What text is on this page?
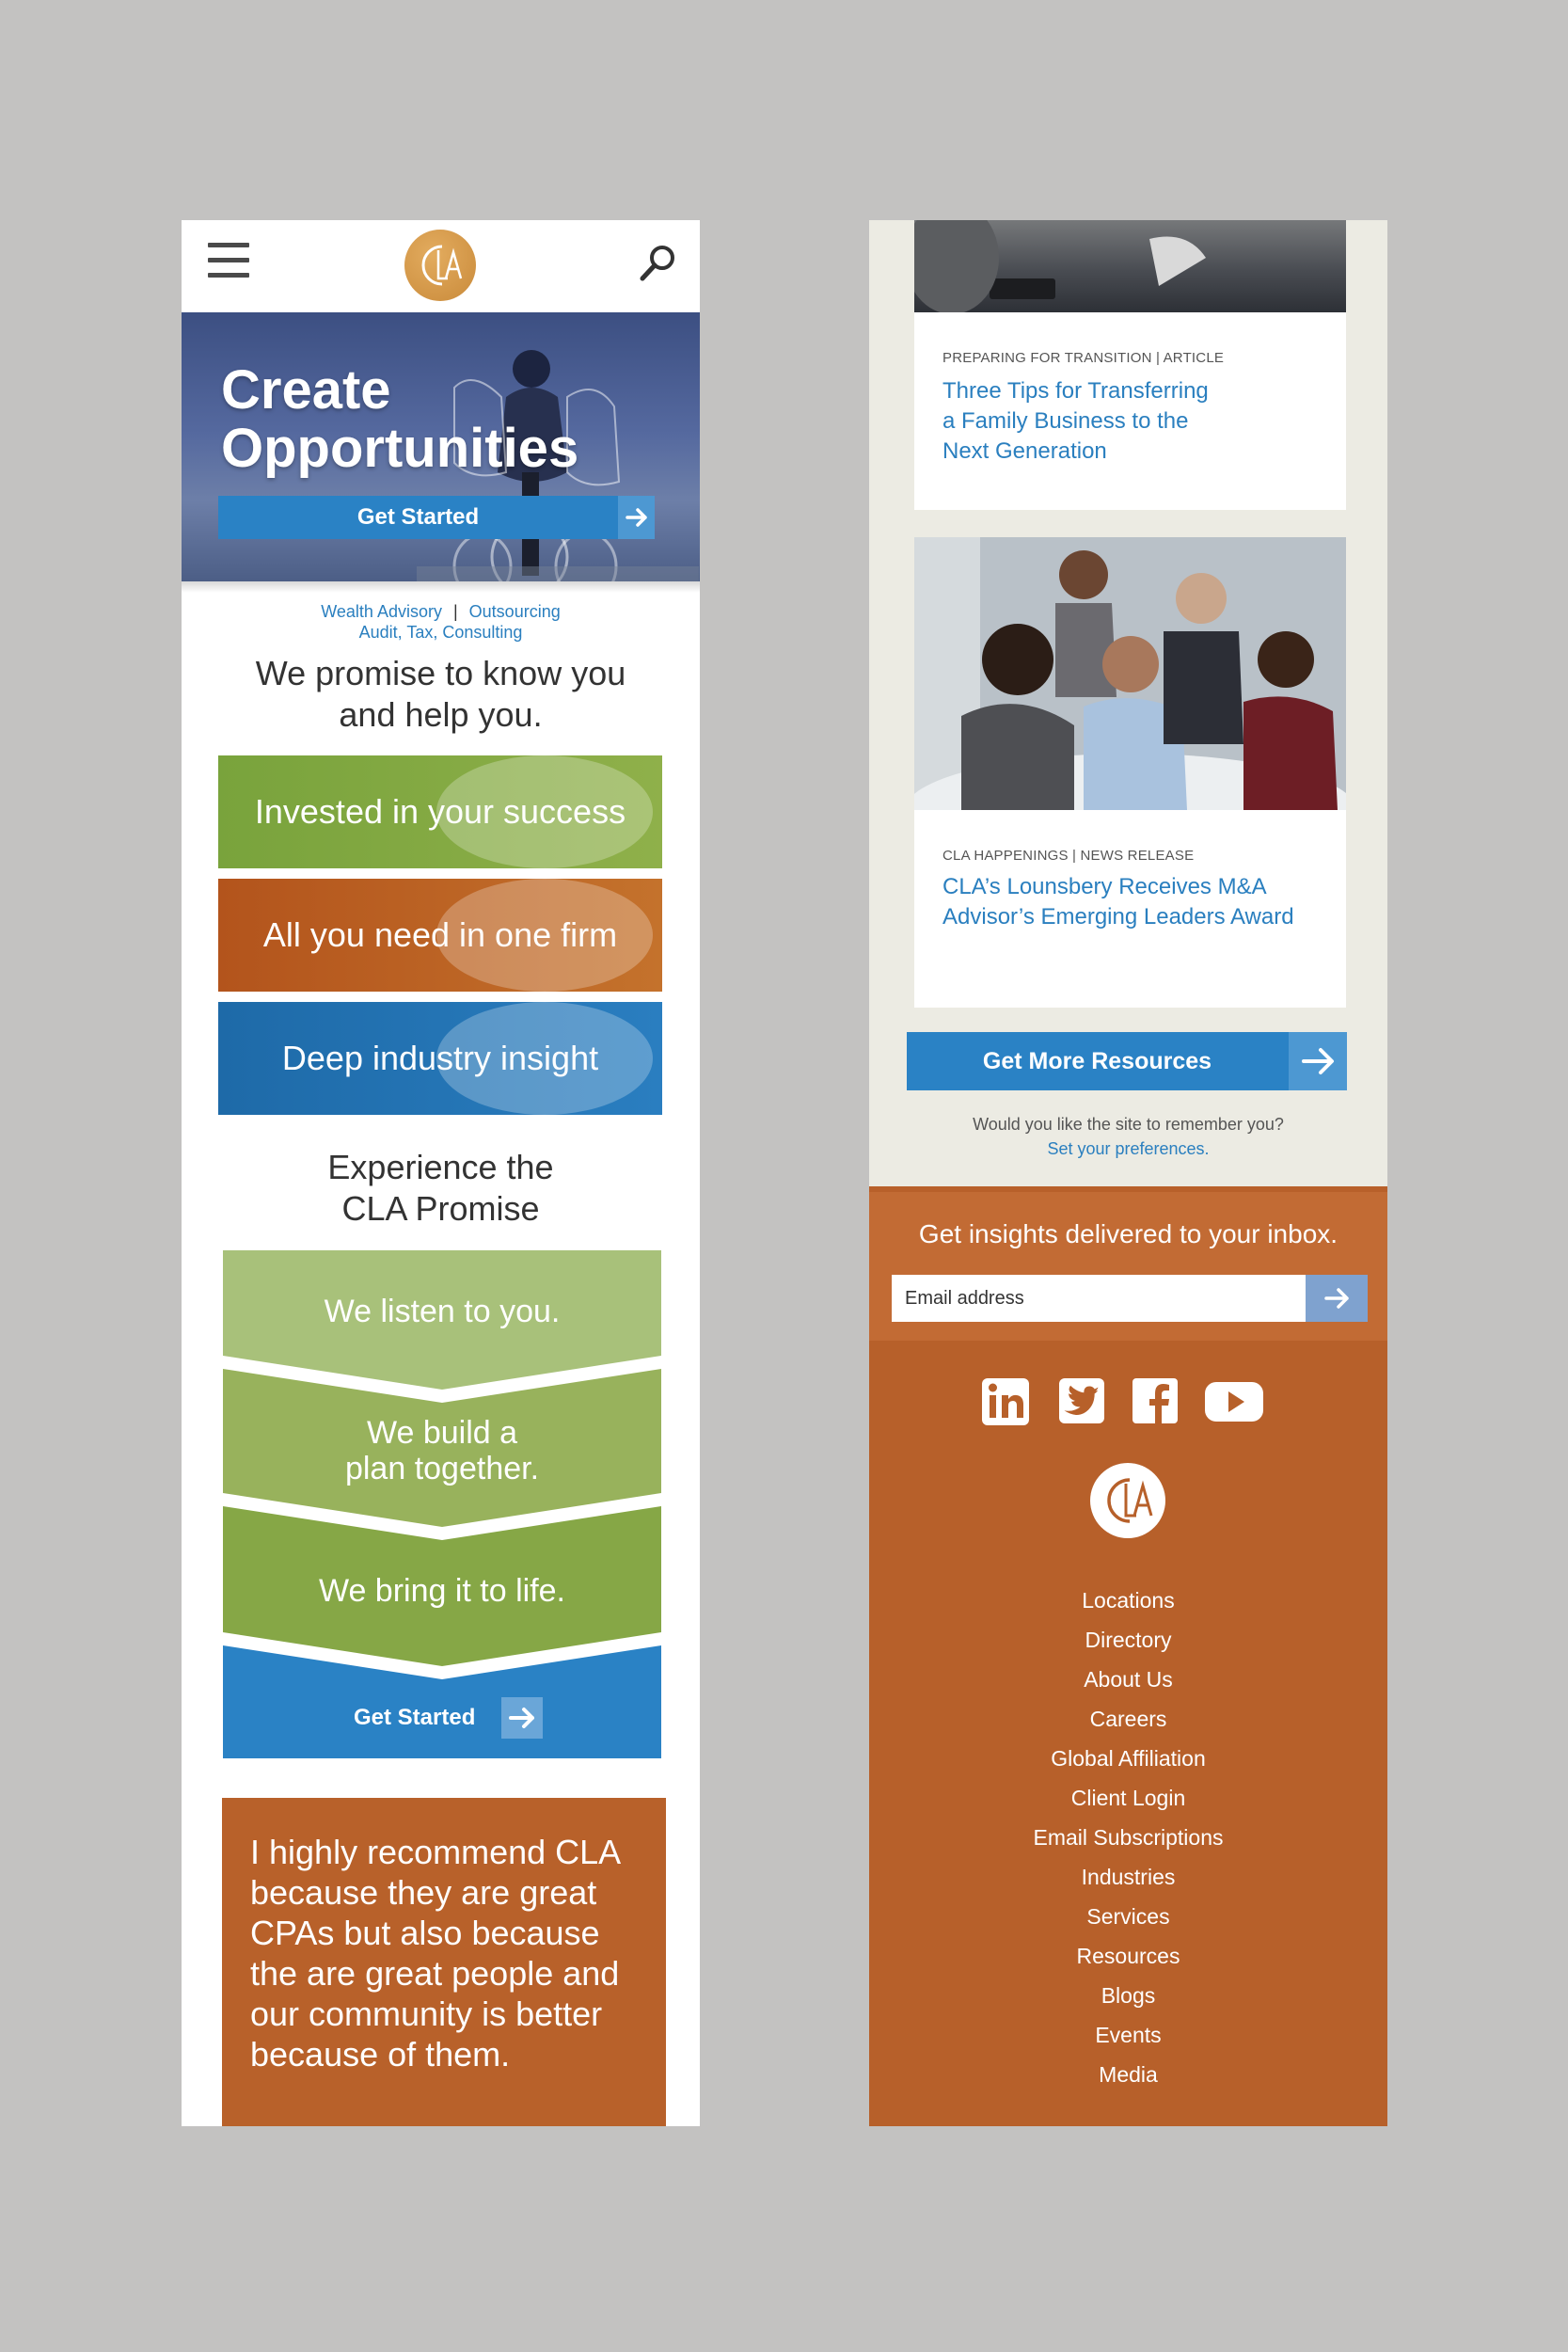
Create
Opportunities
Get Started
Wealth Advisory | Outsourcing
Audit, Tax, Consulting
We promise to know you
and help you.
Invested in your success
All you need in one firm
Deep industry insight
Experience the
CLA Promise
We listen to you.
We build a
plan together.
We bring it to life.
Get Started
I highly recommend CLA because they are great CPAs but also because the are great people and our community is better because of them.
PREPARING FOR TRANSITION | ARTICLE
Three Tips for Transferring
a Family Business to the
Next Generation
CLA HAPPENINGS | NEWS RELEASE
CLA’s Lounsbery Receives M&A
Advisor’s Emerging Leaders Award
Get More Resources
Would you like the site to remember you?
Set your preferences.
Get insights delivered to your inbox.
Email address
Locations
Directory
About Us
Careers
Global Affiliation
Client Login
Email Subscriptions
Industries
Services
Resources
Blogs
Events
Media
